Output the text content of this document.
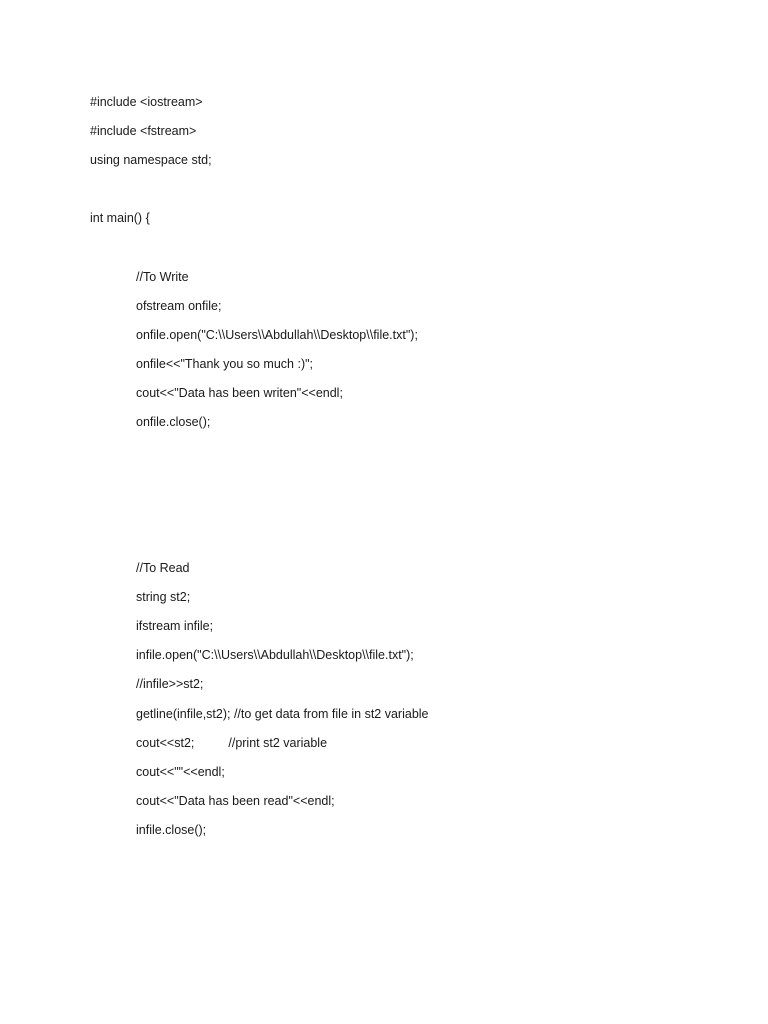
#include <iostream>

#include <fstream>

using namespace std;

int main() {

//To Write

ofstream onfile;

onfile.open("C:\\Users\\Abdullah\\Desktop\\file.txt");

onfile<<"Thank you so much :)";

cout<<"Data has been writen"<<endl;

onfile.close();

//To Read

string st2;

ifstream infile;

infile.open("C:\\Users\\Abdullah\\Desktop\\file.txt");

//infile>>st2;

getline(infile,st2); //to get data from file in st2 variable

cout<<st2;	//print st2 variable

cout<<""<<endl;

cout<<"Data has been read"<<endl;

infile.close();
